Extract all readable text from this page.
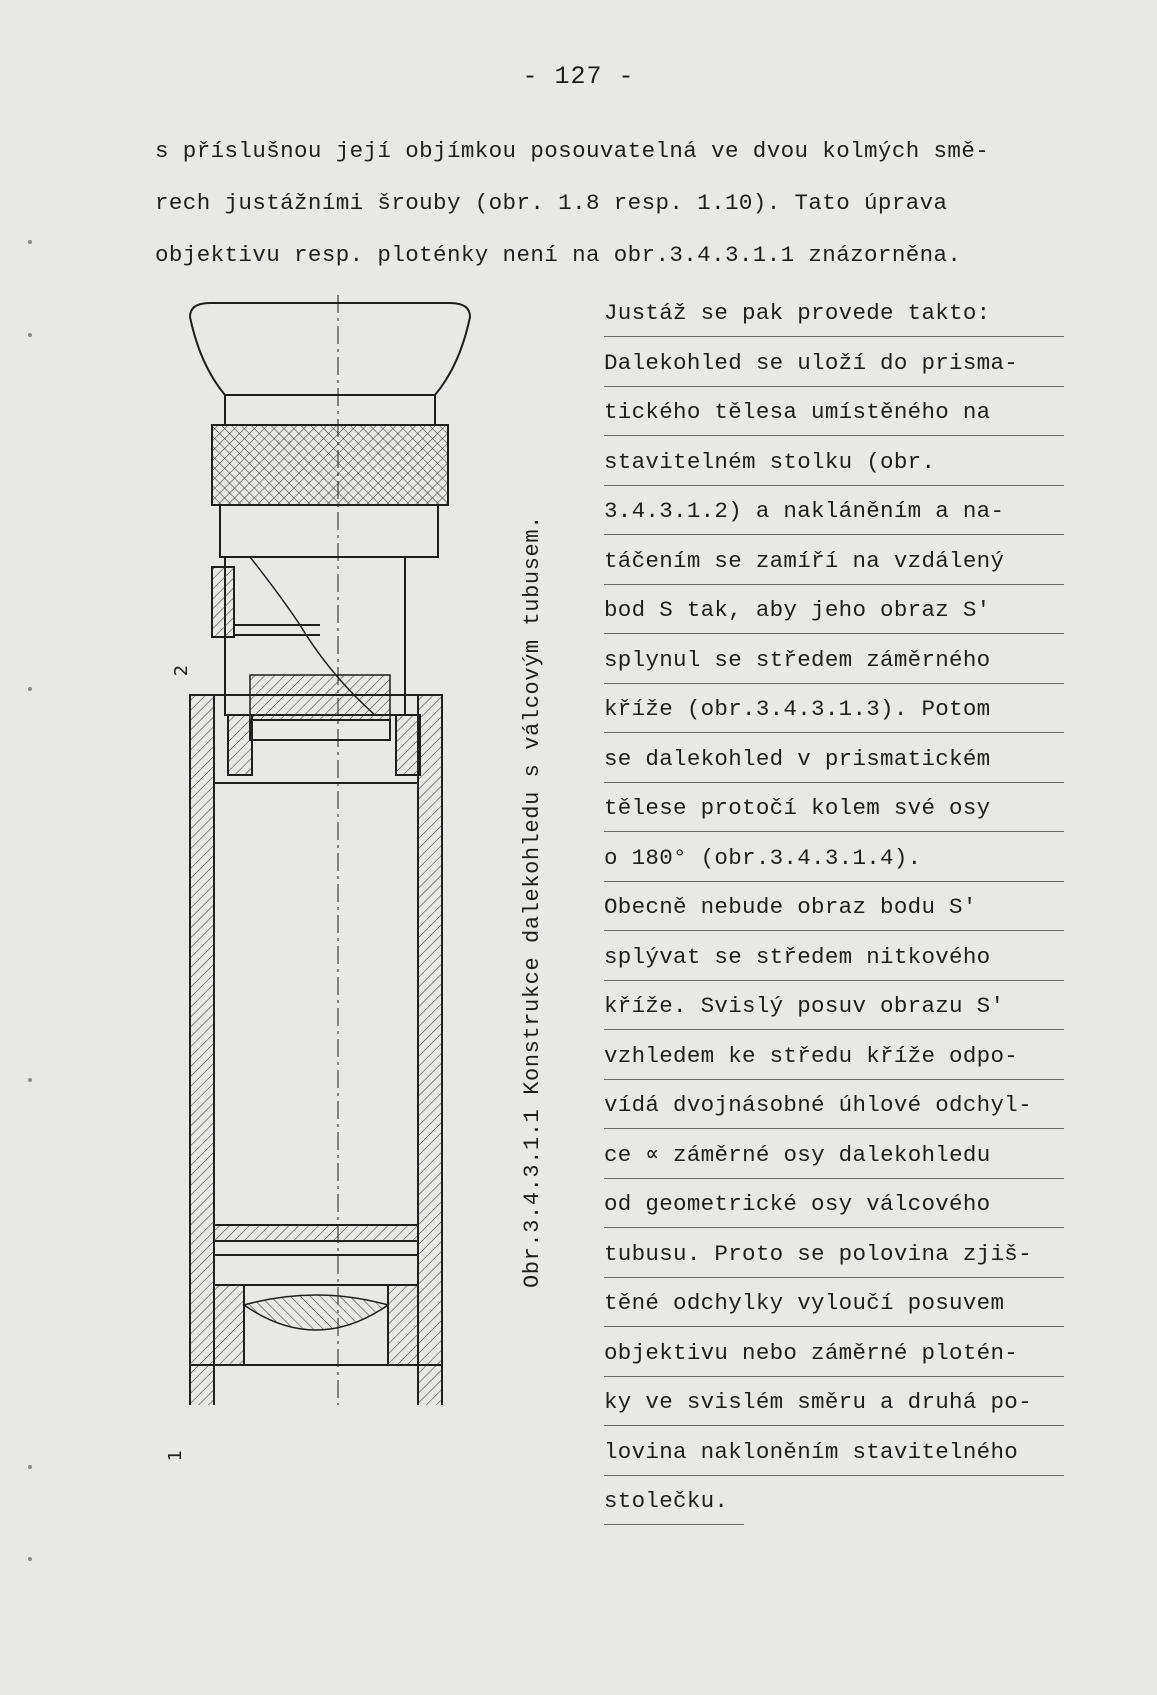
- 127 -
s příslušnou její objímkou posouvatelná ve dvou kolmých smě-
rech justážními šrouby (obr. 1.8 resp. 1.10). Tato úprava
objektivu resp. ploténky není na obr.3.4.3.1.1 znázorněna.
2
1
Obr.3.4.3.1.1 Konstrukce dalekohledu s válcovým tubusem.
Justáž se pak provede takto:
Dalekohled se uloží do prisma-
tického tělesa umístěného na
stavitelném stolku (obr.
3.4.3.1.2) a nakláněním a na-
táčením se zamíří na vzdálený
bod S tak, aby jeho obraz S'
splynul se středem záměrného
kříže (obr.3.4.3.1.3). Potom
se dalekohled v prismatickém
tělese protočí kolem své osy
o 180° (obr.3.4.3.1.4).
Obecně nebude obraz bodu S'
splývat se středem nitkového
kříže. Svislý posuv obrazu S'
vzhledem ke středu kříže odpo-
vídá dvojnásobné úhlové odchyl-
ce ∝ záměrné osy dalekohledu
od geometrické osy válcového
tubusu. Proto se polovina zjiš-
těné odchylky vyloučí posuvem
objektivu nebo záměrné plotén-
ky ve svislém směru a druhá po-
lovina nakloněním stavitelného
stolečku.
